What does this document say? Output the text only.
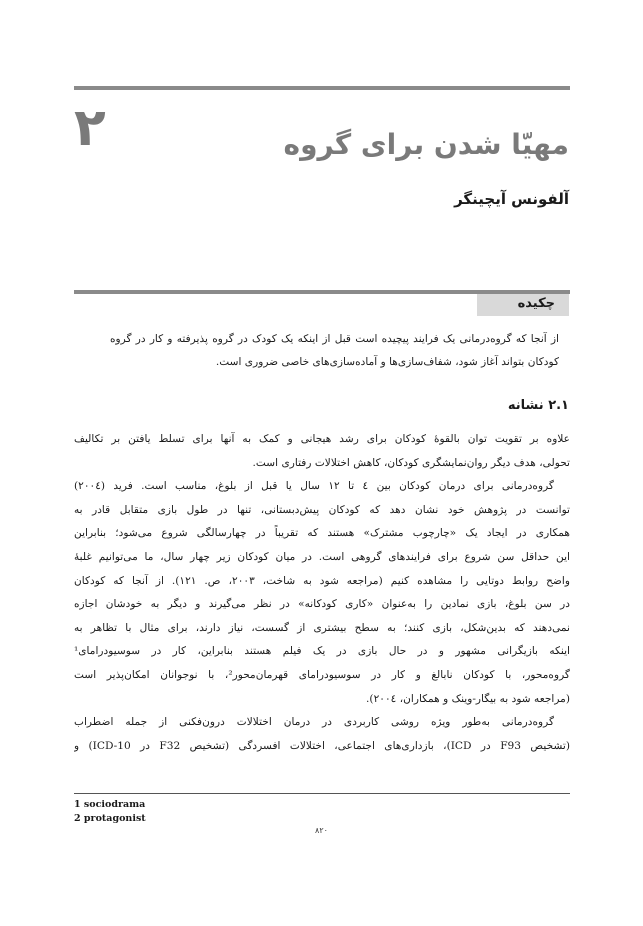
۲	مهیّا شدن برای گروه
آلفونس آیچینگر
چکیده
از آنجا که گروه‌درمانی یک فرایند پیچیده است قبل از اینکه یک کودک در گروه پذیرفته و کار در گروه کودکان بتواند آغاز شود، شفاف‌سازی‌ها و آماده‌سازی‌های خاصی ضروری است.
۲.۱ نشانه
علاوه بر تقویت توان بالقوهٔ کودکان برای رشد هیجانی و کمک به آنها برای تسلط یافتن بر تکالیف
تحولی، هدف دیگر روان‌نمایشگری کودکان، کاهش اختلالات رفتاری است.
گروه‌درمانی برای درمان کودکان بین ٤ تا ١٢ سال یا قبل از بلوغ، مناسب است. فرید (٢٠٠٤)
توانست در پژوهش خود نشان دهد که کودکان پیش‌دبستانی، تنها در طول بازی متقابل قادر به
همکاری در ایجاد یک «چارچوب مشترک» هستند که تقریباً در چهارسالگی شروع می‌شود؛ بنابراین
این حداقل سن شروع برای فرایندهای گروهی است. در میان کودکان زیر چهار سال، ما می‌توانیم غلبهٔ
واضح روابط دوتایی را مشاهده کنیم (مراجعه شود به شاخت، ٢٠٠٣، ص. ١٢١). از آنجا که کودکان
در سن بلوغ، بازی نمادین را به‌عنوان «کاری کودکانه» در نظر می‌گیرند و دیگر به خودشان اجازه
نمی‌دهند که بدین‌شکل، بازی کنند؛ به سطح بیشتری از گسست، نیاز دارند، برای مثال با تظاهر به
اینکه بازیگرانی مشهور و در حال بازی در یک فیلم هستند بنابراین، کار در سوسیودرامای¹
گروه‌محور، با کودکان نابالغ و کار در سوسیودرامای قهرمان‌محور²، با نوجوانان امکان‌پذیر است
(مراجعه شود به بیگار-وینک و همکاران، ٢٠٠٤).
گروه‌درمانی به‌طور ویژه روشی کاربردی در درمان اختلالات درون‌فکنی از جمله اضطراب
(تشخیص F93 در ICD)، بازداری‌های اجتماعی، اختلالات افسردگی (تشخیص F32 در ICD-10) و
1 sociodrama
2 protagonist
۸۲۰
